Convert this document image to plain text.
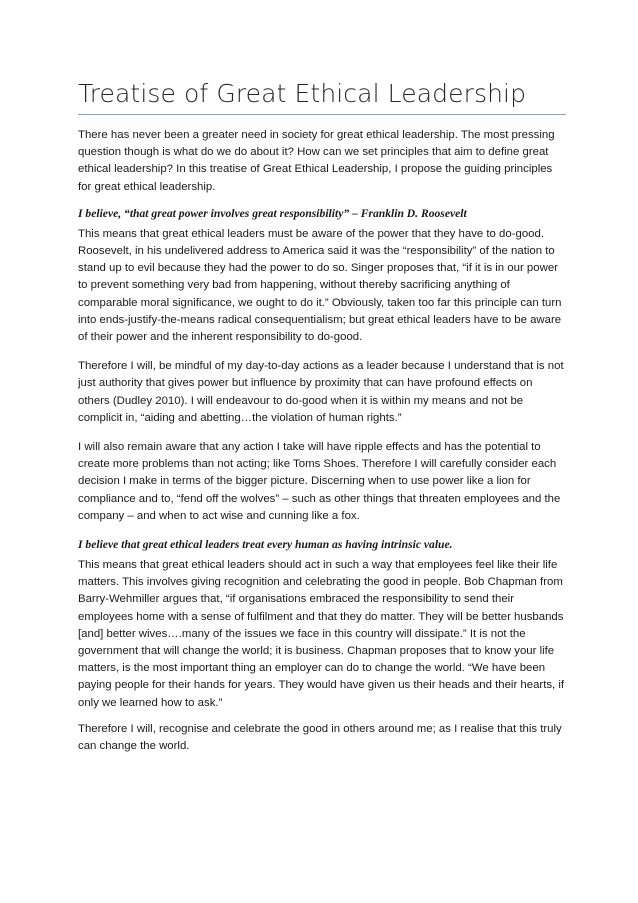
Treatise of Great Ethical Leadership

There has never been a greater need in society for great ethical leadership. The most pressing question though is what do we do about it? How can we set principles that aim to define great ethical leadership? In this treatise of Great Ethical Leadership, I propose the guiding principles for great ethical leadership.

I believe, “that great power involves great responsibility” – Franklin D. Roosevelt

This means that great ethical leaders must be aware of the power that they have to do-good. Roosevelt, in his undelivered address to America said it was the “responsibility” of the nation to stand up to evil because they had the power to do so. Singer proposes that, “if it is in our power to prevent something very bad from happening, without thereby sacrificing anything of comparable moral significance, we ought to do it.” Obviously, taken too far this principle can turn into ends-justify-the-means radical consequentialism; but great ethical leaders have to be aware of their power and the inherent responsibility to do-good.

Therefore I will, be mindful of my day-to-day actions as a leader because I understand that is not just authority that gives power but influence by proximity that can have profound effects on others (Dudley 2010). I will endeavour to do-good when it is within my means and not be complicit in, “aiding and abetting…the violation of human rights.”

I will also remain aware that any action I take will have ripple effects and has the potential to create more problems than not acting; like Toms Shoes. Therefore I will carefully consider each decision I make in terms of the bigger picture. Discerning when to use power like a lion for compliance and to, “fend off the wolves” – such as other things that threaten employees and the company – and when to act wise and cunning like a fox.

I believe that great ethical leaders treat every human as having intrinsic value.

This means that great ethical leaders should act in such a way that employees feel like their life matters. This involves giving recognition and celebrating the good in people. Bob Chapman from Barry-Wehmiller argues that, “if organisations embraced the responsibility to send their employees home with a sense of fulfilment and that they do matter. They will be better husbands [and] better wives….many of the issues we face in this country will dissipate.” It is not the government that will change the world; it is business. Chapman proposes that to know your life matters, is the most important thing an employer can do to change the world. “We have been paying people for their hands for years. They would have given us their heads and their hearts, if only we learned how to ask.”

Therefore I will, recognise and celebrate the good in others around me; as I realise that this truly can change the world.
